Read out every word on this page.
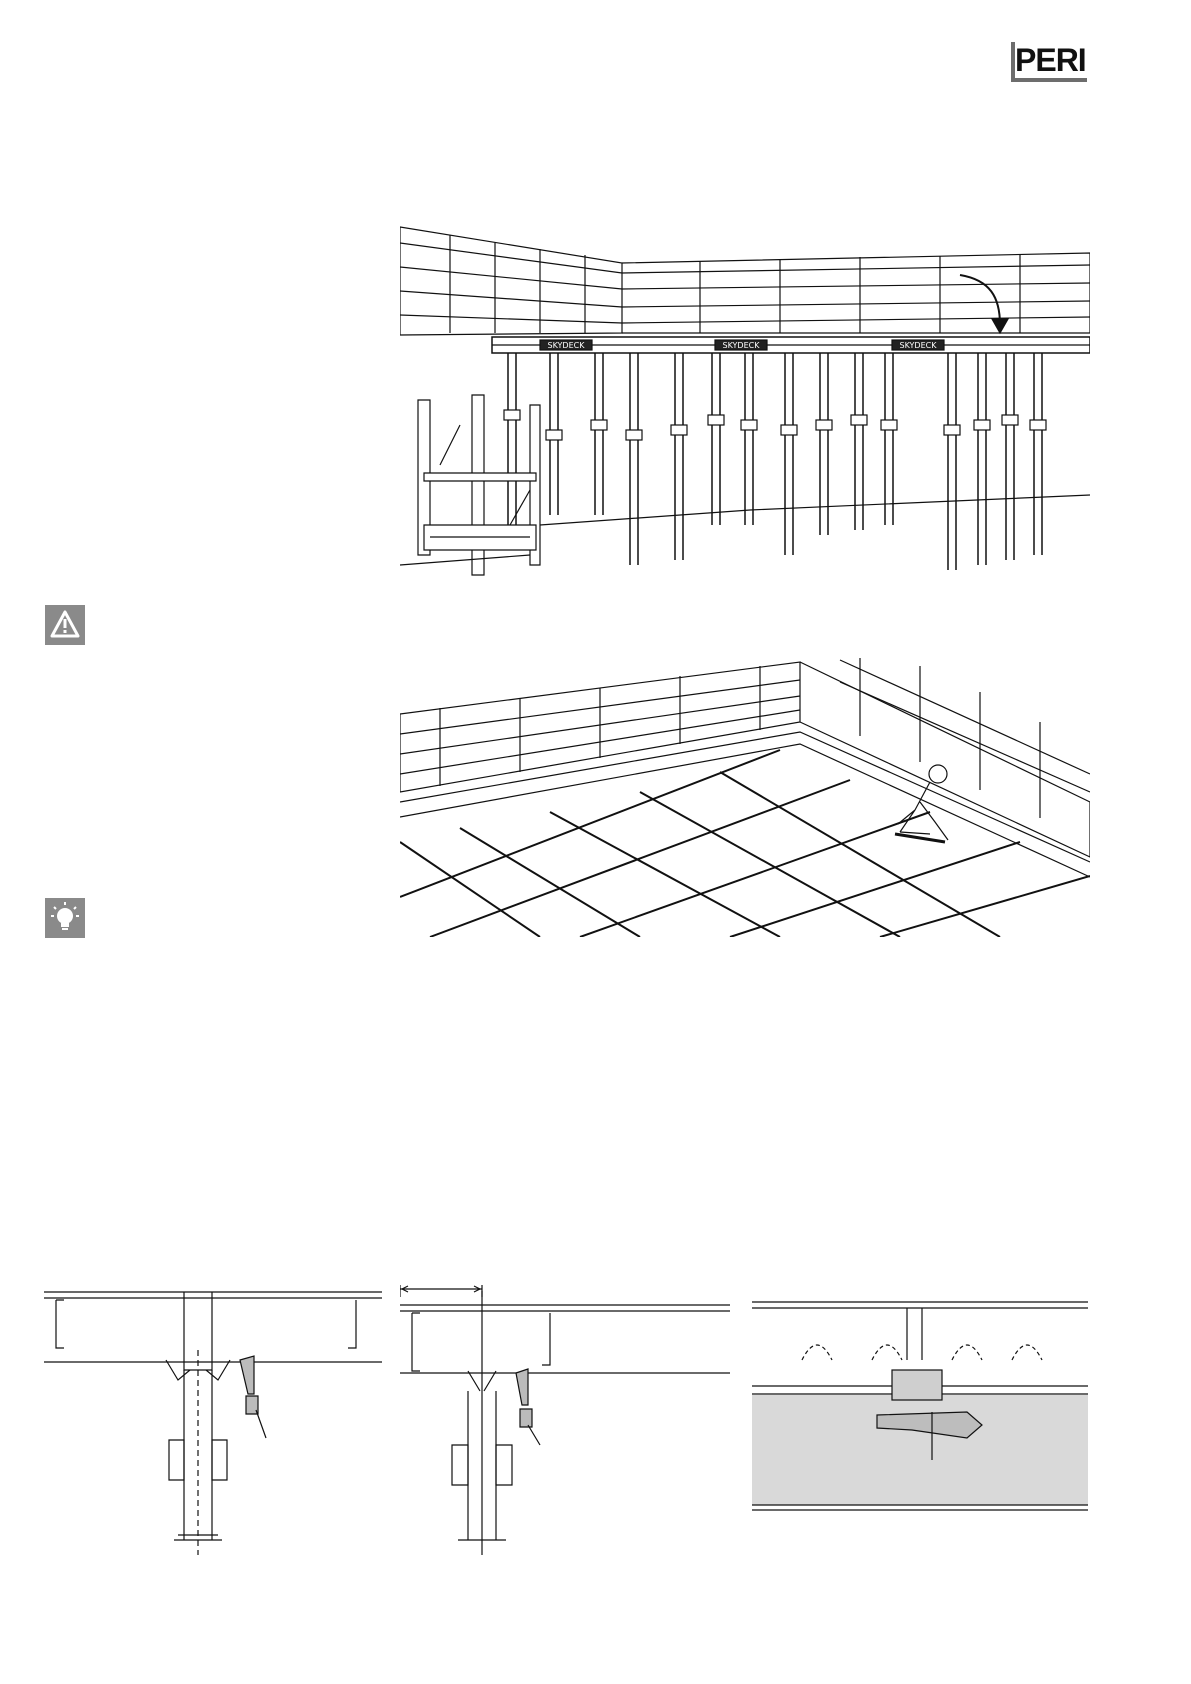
PERI
SKYDECK	SKYDECK	SKYDECK
